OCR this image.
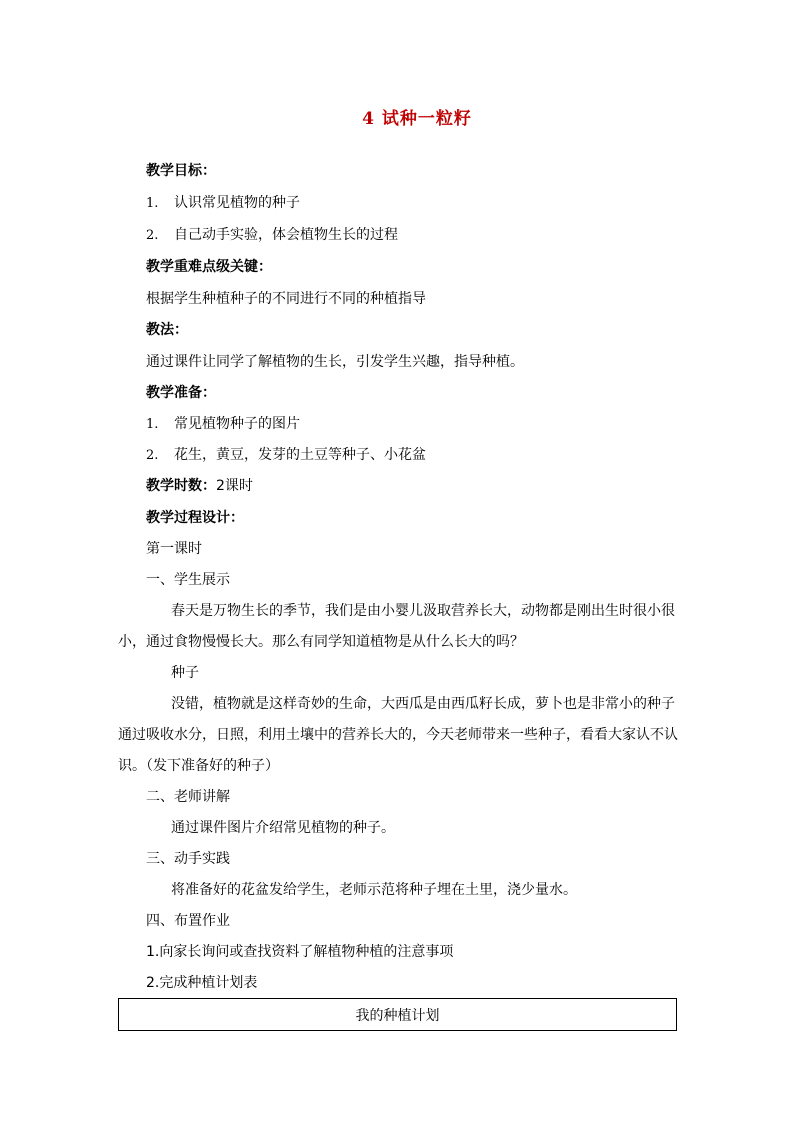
4 试种一粒籽
教学目标：
1. 认识常见植物的种子
2. 自己动手实验，体会植物生长的过程
教学重难点级关键：
根据学生种植种子的不同进行不同的种植指导
教法：
通过课件让同学了解植物的生长，引发学生兴趣，指导种植。
教学准备：
1. 常见植物种子的图片
2. 花生，黄豆，发芽的土豆等种子、小花盆
教学时数：2课时
教学过程设计：
第一课时
一、学生展示
春天是万物生长的季节，我们是由小婴儿汲取营养长大，动物都是刚出生时很小很
小，通过食物慢慢长大。那么有同学知道植物是从什么长大的吗？
种子
没错，植物就是这样奇妙的生命，大西瓜是由西瓜籽长成，萝卜也是非常小的种子
通过吸收水分，日照，利用土壤中的营养长大的，今天老师带来一些种子，看看大家认不认
识。（发下准备好的种子）
二、老师讲解
通过课件图片介绍常见植物的种子。
三、动手实践
将准备好的花盆发给学生，老师示范将种子埋在土里，浇少量水。
四、布置作业
1.向家长询问或查找资料了解植物种植的注意事项
2.完成种植计划表
我的种植计划
